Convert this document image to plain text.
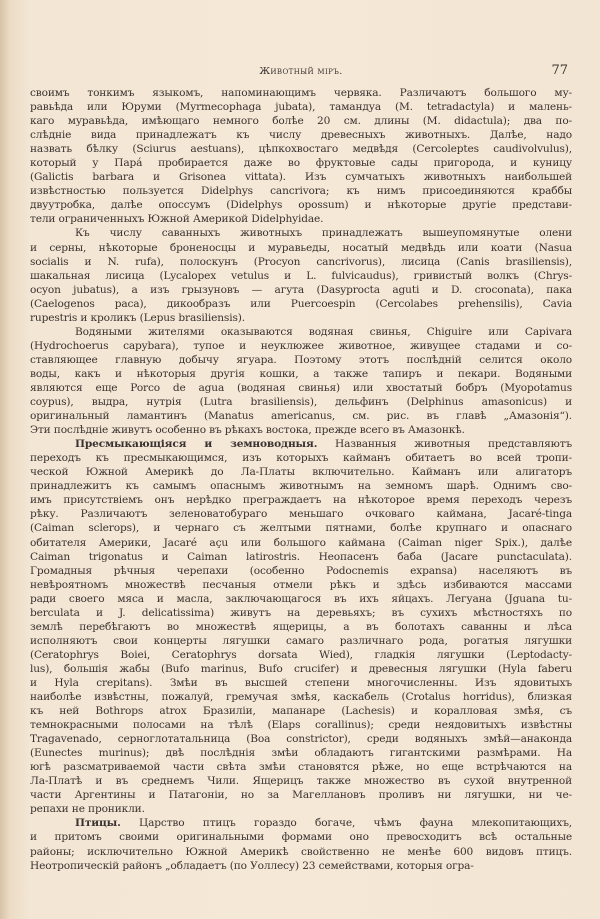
Животный міръ.	77
своимъ тонкимъ языкомъ, напоминающимъ червяка. Различаютъ большого му-
равьѣда или Юруми (Myrmecophaga jubata), тамандуа (M. tetradactyla) и малень-
каго муравьѣда, имѣющаго немного болѣе 20 см. длины (M. didactula); два по-
слѣдніе вида принадлежатъ къ числу древесныхъ животныхъ. Далѣе, надо
назвать бѣлку (Sciurus aestuans), цѣпкохвостаго медвѣдя (Cercoleptes caudivolvulus),
который у Пара́ пробирается даже во фруктовые сады пригорода, и куницу
(Galictis barbara и Grisonea vittata). Изъ сумчатыхъ животныхъ наибольшей
извѣстностью пользуется Didelphys cancrivora; къ нимъ присоединяются краббы
двуутробка, далѣе опоссумъ (Didelphys opossum) и нѣкоторые другіе представи-
тели ограниченныхъ Южной Америкой Didelphyidae.
Къ числу саванныхъ животныхъ принадлежатъ вышеупомянутые олени
и серны, нѣкоторые броненосцы и муравьеды, носатый медвѣдь или коати (Nasua
socialis и N. rufa), полоскунъ (Procyon cancrivorus), лисица (Canis brasiliensis),
шакальная лисица (Lycalopex vetulus и L. fulvicaudus), гривистый волкъ (Chrys-
ocyon jubatus), а изъ грызуновъ — агута (Dasyprocta aguti и D. croconata), пака
(Caelogenos paca), дикообразъ или Puercoespin (Cercolabes prehensilis), Cavia
rupestris и кроликъ (Lepus brasiliensis).
Водяными жителями оказываются водяная свинья, Chiguire или Capivara
(Hydrochoerus capybara), тупое и неуклюжее животное, живущее стадами и со-
ставляющее главную добычу ягуара. Поэтому этотъ послѣдній селится около
воды, какъ и нѣкоторыя другія кошки, а также тапиръ и пекари. Водяными
являются еще Porco de agua (водяная свинья) или хвостатый бобръ (Myopotamus
coypus), выдра, нутрія (Lutra brasiliensis), дельфинъ (Delphinus amasonicus) и
оригинальный ламантинъ (Manatus americanus, см. рис. въ главѣ „Амазонія“).
Эти послѣдніе живутъ особенно въ рѣкахъ востока, прежде всего въ Амазонкѣ.
Пресмыкающіяся и земноводныя. Названныя животныя представляютъ
переходъ къ пресмыкающимся, изъ которыхъ кайманъ обитаетъ во всей тропи-
ческой Южной Америкѣ до Ла-Платы включительно. Кайманъ или алигаторъ
принадлежитъ къ самымъ опаснымъ животнымъ на земномъ шарѣ. Однимъ сво-
имъ присутствіемъ онъ нерѣдко преграждаетъ на нѣкоторое время переходъ черезъ
рѣку. Различаютъ зеленоватобураго меньшаго очковаго каймана, Jacaré-tinga
(Caiman sclerops), и чернаго съ желтыми пятнами, болѣе крупнаго и опаснаго
обитателя Америки, Jacaré açu или большого каймана (Caiman niger Spix.), далѣе
Caiman trigonatus и Caiman latirostris. Неопасенъ баба (Jacare punctaculata).
Громадныя рѣчныя черепахи (особенно Podocnemis expansa) населяютъ въ
невѣроятномъ множествѣ песчаныя отмели рѣкъ и здѣсь избиваются массами
ради своего мяса и масла, заключающагося въ ихъ яйцахъ. Легуана (Jguana tu-
berculata и J. delicatissima) живутъ на деревьяхъ; въ сухихъ мѣстностяхъ по
землѣ перебѣгаютъ во множествѣ ящерицы, а въ болотахъ саванны и лѣса
исполняютъ свои концерты лягушки самаго различнаго рода, рогатыя лягушки
(Ceratophrys Boiei, Ceratophrys dorsata Wied), гладкія лягушки (Leptodacty-
lus), большія жабы (Bufo marinus, Bufo crucifer) и древесныя лягушки (Hyla faberu
и Hyla crepitans). Змѣи въ высшей степени многочисленны. Изъ ядовитыхъ
наиболѣе извѣстны, пожалуй, гремучая змѣя, каскабель (Crotalus horridus), близкая
къ ней Bothrops atrox Бразиліи, мапанаре (Lachesis) и коралловая змѣя, съ
темнокрасными полосами на тѣлѣ (Elaps corallinus); среди неядовитыхъ извѣстны
Tragavenado, серноглотатальница (Boa constrictor), среди водяныхъ змѣй—анаконда
(Eunectes murinus); двѣ послѣднія змѣи обладаютъ гигантскими размѣрами. На
югѣ разсматриваемой части свѣта змѣи становятся рѣже, но еще встрѣчаются на
Ла-Платѣ и въ среднемъ Чили. Ящерицъ также множество въ сухой внутренной
части Аргентины и Патагоніи, но за Магеллановъ проливъ ни лягушки, ни че-
репахи не проникли.
Птицы. Царство птицъ гораздо богаче, чѣмъ фауна млекопитающихъ,
и притомъ своими оригинальными формами оно превосходитъ всѣ остальные
районы; исключительно Южной Америкѣ свойственно не менѣе 600 видовъ птицъ.
Неотропическій районъ „обладаетъ (по Уоллесу) 23 семействами, которыя огра-
